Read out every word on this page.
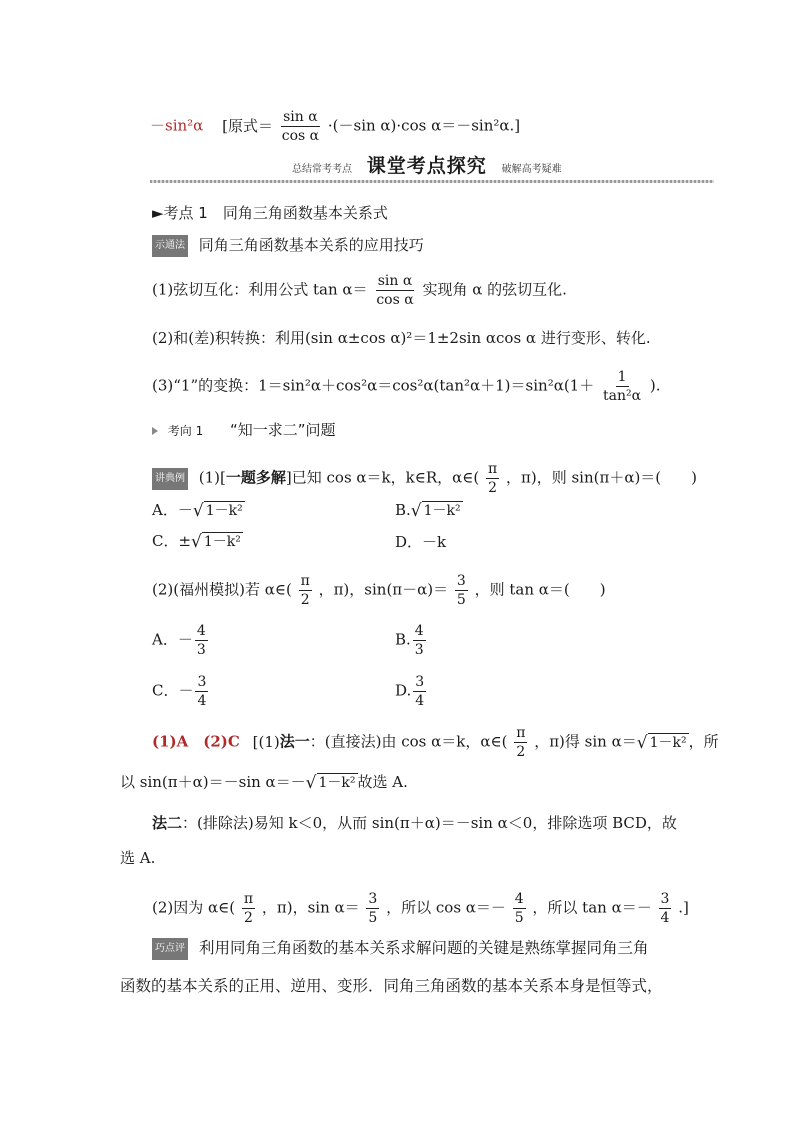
－sin²α [原式＝ $\frac{\text{sin α}}{\text{cos α}} \cdot(-\sin$ α)·cos α＝－sin²α.]
总结常考考点 课堂考点探究 破解高考疑难
►考点 1　同角三角函数基本关系式
示通法 同角三角函数基本关系的应用技巧
(1)弦切互化：利用公式 $\tan \alpha= \frac{\text{sin α}}{\text{cos α}}$ 实现角 α 的弦切互化.
(2)和(差)积转换：利用(sin α±cos α)²＝1±2sin αcos α 进行变形、转化.
(3)“1”的变换：$1=\sin^2\alpha+\cos^2\alpha=\cos^2\alpha(\tan^2\alpha+1)=\sin^2\alpha(1+ \frac{1}{\text{tan²α}}$ ).
考向 1 “知一求二”问题
讲典例 (1)[一题多解]已知 cos α＝k，k∈R，α∈( $\frac{\pi}{2}$ ，π)，则 sin(π＋α)＝(　　)
A．－ √ 1－k²	B. √ 1－k²
C．± √ 1－k²	D．－k
(2)(福州模拟)若 α∈( $\frac{\pi}{2}$ ，π)，$\sin(\pi-\alpha)= \frac{3}{5}$ ，则 tan α＝(　　)
A．－ $\frac{4}{3}$	B. $\frac{4}{3}$
C．－ $\frac{3}{4}$	D. $\frac{3}{4}$
(1)A　(2)C [(1)法一：(直接法)由 cos α＝k，α∈( $\frac{\pi}{2}$ ，π)得 sin α＝ √ 1－k² ，所
以 sin(π＋α)＝－sin α＝－ √ 1－k² 故选 A.
法二：(排除法)易知 k＜0，从而 sin(π＋α)＝－sin α＜0，排除选项 BCD，故
选 A.
(2)因为 α∈( $\frac{\pi}{2}$ ，π)，$\sin \alpha= \frac{3}{5}$ ，所以 $\cos \alpha=- \frac{4}{5}$ ，所以 $\tan \alpha=- \frac{3}{4}$ .]
巧点评 利用同角三角函数的基本关系求解问题的关键是熟练掌握同角三角
函数的基本关系的正用、逆用、变形．同角三角函数的基本关系本身是恒等式，
